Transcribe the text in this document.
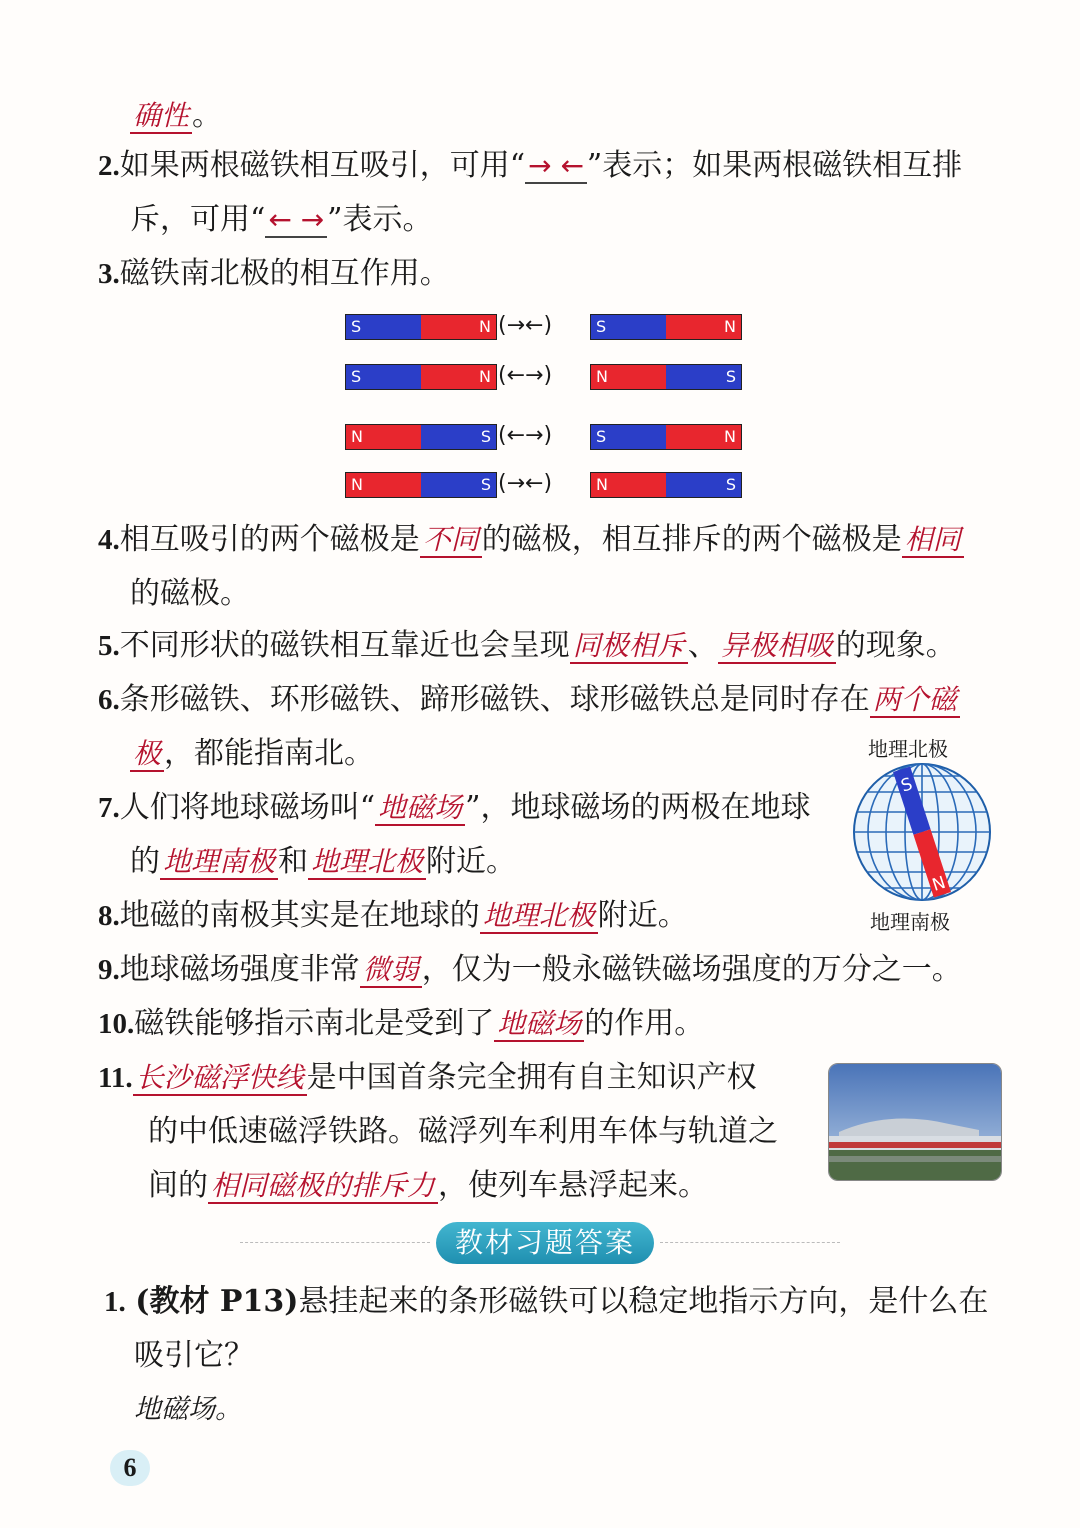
确性 。
2.如果两根磁铁相互吸引，可用“ → ← ”表示；如果两根磁铁相互排
斥，可用“ ← → ”表示。
3.磁铁南北极的相互作用。
S	N (→←)	S	N
S	N (←→)	N	S
N	S (←→)	S	N
N	S (→←)	N	S
4.相互吸引的两个磁极是 不同 的磁极，相互排斥的两个磁极是 相同
的磁极。
5.不同形状的磁铁相互靠近也会呈现 同极相斥 、 异极相吸 的现象。
6.条形磁铁、环形磁铁、蹄形磁铁、球形磁铁总是同时存在 两个磁
极 ，都能指南北。	地理北极
S
N
地理南极
7.人们将地球磁场叫“ 地磁场 ”，地球磁场的两极在地球
的 地理南极 和 地理北极 附近。
8.地磁的南极其实是在地球的 地理北极 附近。
9.地球磁场强度非常 微弱 ，仅为一般永磁铁磁场强度的万分之一。
10.磁铁能够指示南北是受到了 地磁场 的作用。
11. 长沙磁浮快线 是中国首条完全拥有自主知识产权
的中低速磁浮铁路。磁浮列车利用车体与轨道之
间的 相同磁极的排斥力 ，使列车悬浮起来。
教材习题答案
1. (教材 P13)悬挂起来的条形磁铁可以稳定地指示方向，是什么在
吸引它？
地磁场。
6
